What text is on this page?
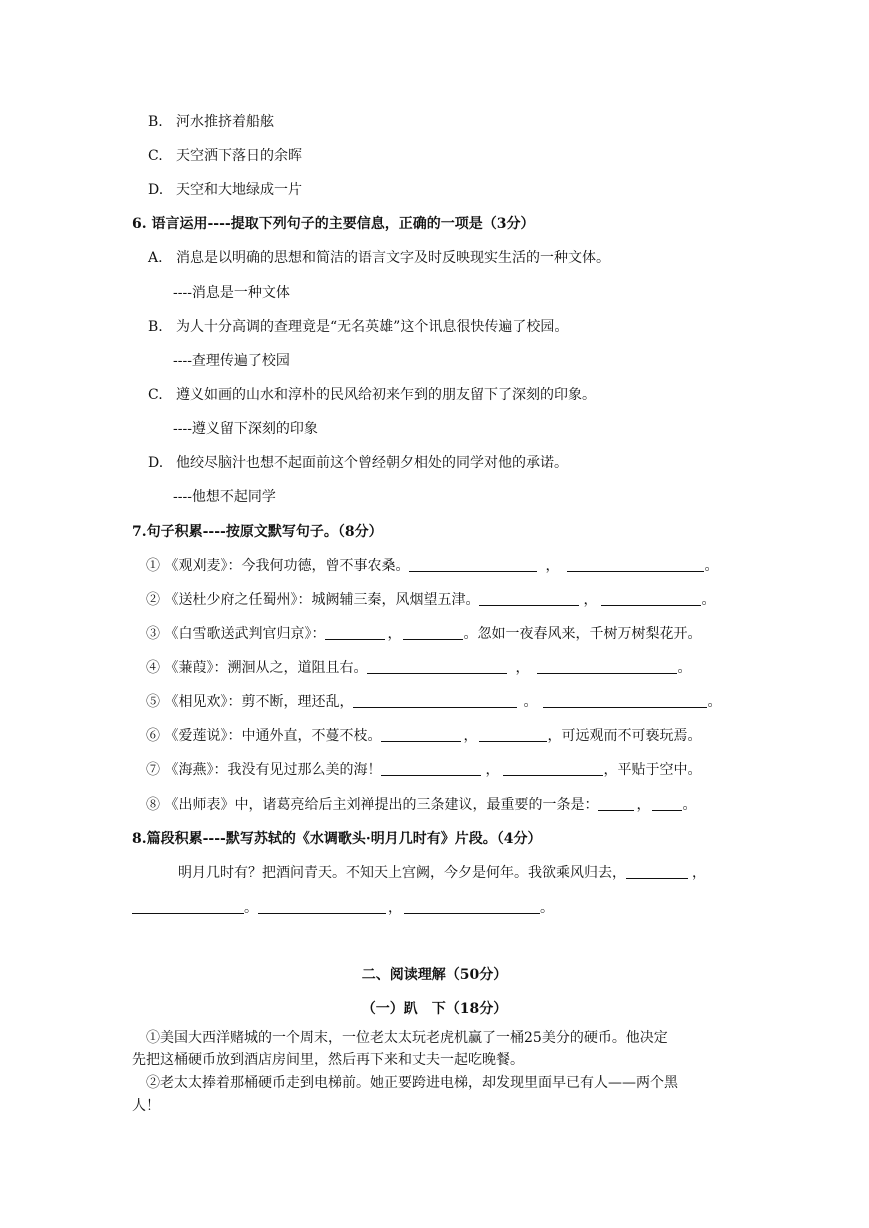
B. 河水推挤着船舷
C. 天空洒下落日的余晖
D. 天空和大地绿成一片
6. 语言运用----提取下列句子的主要信息，正确的一项是（3分）
A. 消息是以明确的思想和简洁的语言文字及时反映现实生活的一种文体。
----消息是一种文体
B. 为人十分高调的查理竟是“无名英雄”这个讯息很快传遍了校园。
----查理传遍了校园
C. 遵义如画的山水和淳朴的民风给初来乍到的朋友留下了深刻的印象。
----遵义留下深刻的印象
D. 他绞尽脑汁也想不起面前这个曾经朝夕相处的同学对他的承诺。
----他想不起同学
7.句子积累----按原文默写句子。（8分）
① 《观刈麦》：今我何功德，曾不事农桑。	，	。
② 《送杜少府之任蜀州》：城阙辅三秦，风烟望五津。	，	。
③ 《白雪歌送武判官归京》：	，	。忽如一夜春风来，千树万树梨花开。
④ 《蒹葭》：溯洄从之，道阻且右。	，	。
⑤ 《相见欢》：剪不断，理还乱，	。	。
⑥ 《爱莲说》：中通外直，不蔓不枝。	，	，可远观而不可亵玩焉。
⑦ 《海燕》：我没有见过那么美的海！	，	，平贴于空中。
⑧ 《出师表》中，诸葛亮给后主刘禅提出的三条建议，最重要的一条是：	， 。
8.篇段积累----默写苏轼的《水调歌头·明月几时有》片段。（4分）
明月几时有？把酒问青天。不知天上宫阙，今夕是何年。我欲乘风归去，	，
。	，	。
二、阅读理解（50分）
（一）趴　下（18分）
①美国大西洋赌城的一个周末，一位老太太玩老虎机赢了一桶25美分的硬币。他决定
先把这桶硬币放到酒店房间里，然后再下来和丈夫一起吃晚餐。
②老太太捧着那桶硬币走到电梯前。她正要跨进电梯，却发现里面早已有人——两个黑
人！
